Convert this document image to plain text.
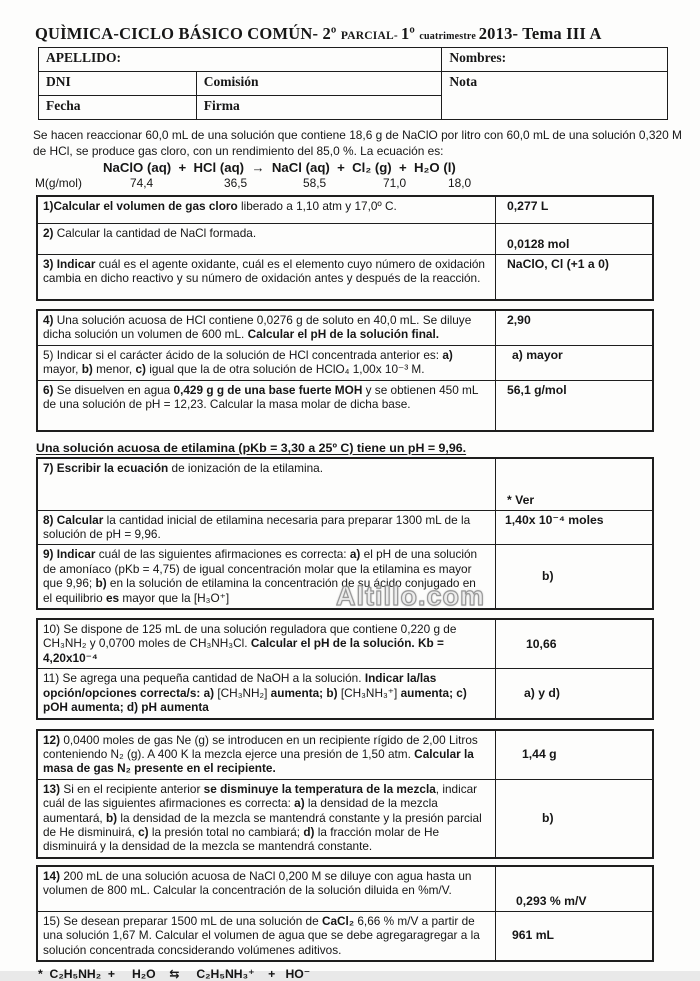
QUÌMICA-CICLO BÁSICO COMÚN- 2º PARCIAL- 1º cuatrimestre 2013- Tema III A
APELLIDO:		Nombres:
DNI	Comisión	Nota
Fecha	Firma	

Se hacen reaccionar 60,0 mL de una solución que contiene 18,6 g de NaClO por litro con 60,0 mL de una solución 0,320 M de HCl, se produce gas cloro, con un rendimiento del 85,0 %. La ecuación es:

NaClO (aq)  +  HCl (aq)  →  NaCl (aq)  +  Cl₂ (g)  +  H₂O (l)
M(g/mol)	74,4	36,5	58,5	71,0	18,0
1)Calcular el volumen de gas cloro liberado a 1,10 atm y 17,0º C.	0,277 L
2) Calcular la cantidad de NaCl formada.
0,0128 mol
3) Indicar cuál es el agente oxidante, cuál es el elemento cuyo número de oxidación cambia en dicho reactivo y su número de oxidación antes y después de la reacción.
NaClO, Cl (+1 a 0)
4) Una solución acuosa de HCl contiene 0,0276 g de soluto en 40,0 mL. Se diluye dicha solución un volumen de 600 mL. Calcular el pH de la solución final.
2,90
5) Indicar si el carácter ácido de la solución de HCl concentrada anterior es: a) mayor, b) menor, c) igual que la de otra solución de HClO₄ 1,00x 10⁻³ M.
a) mayor
6) Se disuelven en agua 0,429 g g de una base fuerte MOH y se obtienen 450 mL de una solución de pH = 12,23. Calcular la masa molar de dicha base.
56,1 g/mol
Una solución acuosa de etilamina (pKb = 3,30 a 25º C) tiene un pH = 9,96.
7) Escribir la ecuación de ionización de la etilamina.
* Ver
8) Calcular la cantidad inicial de etilamina necesaria para preparar 1300 mL de la solución de pH = 9,96.
1,40x 10⁻⁴ moles
9) Indicar cuál de las siguientes afirmaciones es correcta: a) el pH de una solución de amoníaco (pKb = 4,75) de igual concentración molar que la etilamina es mayor que 9,96; b) en la solución de etilamina la concentración de su ácido conjugado en el equilibrio es mayor que la [H₃O⁺]
b)
10) Se dispone de 125 mL de una solución reguladora que contiene 0,220 g de CH₃NH₂ y 0,0700 moles de CH₃NH₃Cl. Calcular el pH de la solución. Kb = 4,20x10⁻⁴
10,66
11) Se agrega una pequeña cantidad de NaOH a la solución. Indicar la/las opción/opciones correcta/s: a) [CH₃NH₂] aumenta; b) [CH₃NH₃⁺] aumenta; c) pOH aumenta; d) pH aumenta
a) y d)
12) 0,0400 moles de gas Ne (g) se introducen en un recipiente rígido de 2,00 Litros conteniendo N₂ (g). A 400 K la mezcla ejerce una presión de 1,50 atm. Calcular la masa de gas N₂ presente en el recipiente.
1,44 g
13) Si en el recipiente anterior se disminuye la temperatura de la mezcla, indicar cuál de las siguientes afirmaciones es correcta: a) la densidad de la mezcla aumentará, b) la densidad de la mezcla se mantendrá constante y la presión parcial de He disminuirá, c) la presión total no cambiará; d) la fracción molar de He disminuirá y la densidad de la mezcla se mantendrá constante.
b)
14) 200 mL de una solución acuosa de NaCl 0,200 M se diluye con agua hasta un volumen de 800 mL. Calcular la concentración de la solución diluida en %m/V.
0,293 % m/V
15) Se desean preparar 1500 mL de una solución de CaCl₂ 6,66 % m/V a partir de una solución 1,67 M. Calcular el volumen de agua que se debe agregaragregar a la solución concentrada concsiderando volúmenes aditivos.
961 mL
*  C₂H₅NH₂  +     H₂O    ⇆     C₂H₅NH₃⁺    +   HO⁻
Altillo.com
